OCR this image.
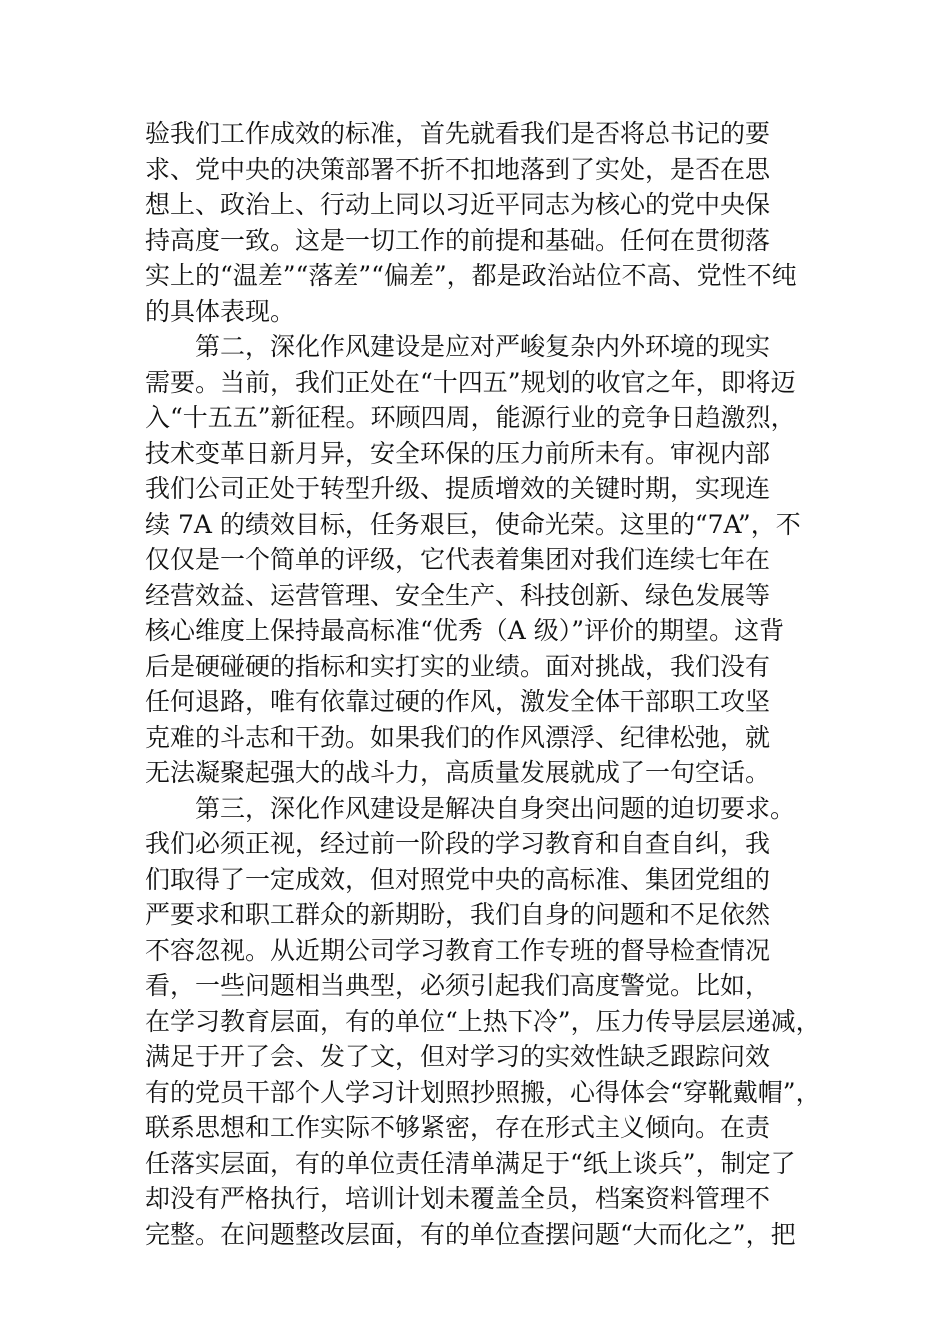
验我们工作成效的标准，首先就看我们是否将总书记的要
求、党中央的决策部署不折不扣地落到了实处，是否在思
想上、政治上、行动上同以习近平同志为核心的党中央保
持高度一致。这是一切工作的前提和基础。任何在贯彻落
实上的“温差”“落差”“偏差”，都是政治站位不高、党性不纯
的具体表现。
第二，深化作风建设是应对严峻复杂内外环境的现实
需要。当前，我们正处在“十四五”规划的收官之年，即将迈
入“十五五”新征程。环顾四周，能源行业的竞争日趋激烈，
技术变革日新月异，安全环保的压力前所未有。审视内部
我们公司正处于转型升级、提质增效的关键时期，实现连
续 7A 的绩效目标，任务艰巨，使命光荣。这里的“7A”，不
仅仅是一个简单的评级，它代表着集团对我们连续七年在
经营效益、运营管理、安全生产、科技创新、绿色发展等
核心维度上保持最高标准“优秀（A 级）”评价的期望。这背
后是硬碰硬的指标和实打实的业绩。面对挑战，我们没有
任何退路，唯有依靠过硬的作风，激发全体干部职工攻坚
克难的斗志和干劲。如果我们的作风漂浮、纪律松弛，就
无法凝聚起强大的战斗力，高质量发展就成了一句空话。
第三，深化作风建设是解决自身突出问题的迫切要求。
我们必须正视，经过前一阶段的学习教育和自查自纠，我
们取得了一定成效，但对照党中央的高标准、集团党组的
严要求和职工群众的新期盼，我们自身的问题和不足依然
不容忽视。从近期公司学习教育工作专班的督导检查情况
看，一些问题相当典型，必须引起我们高度警觉。比如，
在学习教育层面，有的单位“上热下冷”，压力传导层层递减，
满足于开了会、发了文，但对学习的实效性缺乏跟踪问效
有的党员干部个人学习计划照抄照搬，心得体会“穿靴戴帽”，
联系思想和工作实际不够紧密，存在形式主义倾向。在责
任落实层面，有的单位责任清单满足于“纸上谈兵”，制定了
却没有严格执行，培训计划未覆盖全员，档案资料管理不
完整。在问题整改层面，有的单位查摆问题“大而化之”，把
